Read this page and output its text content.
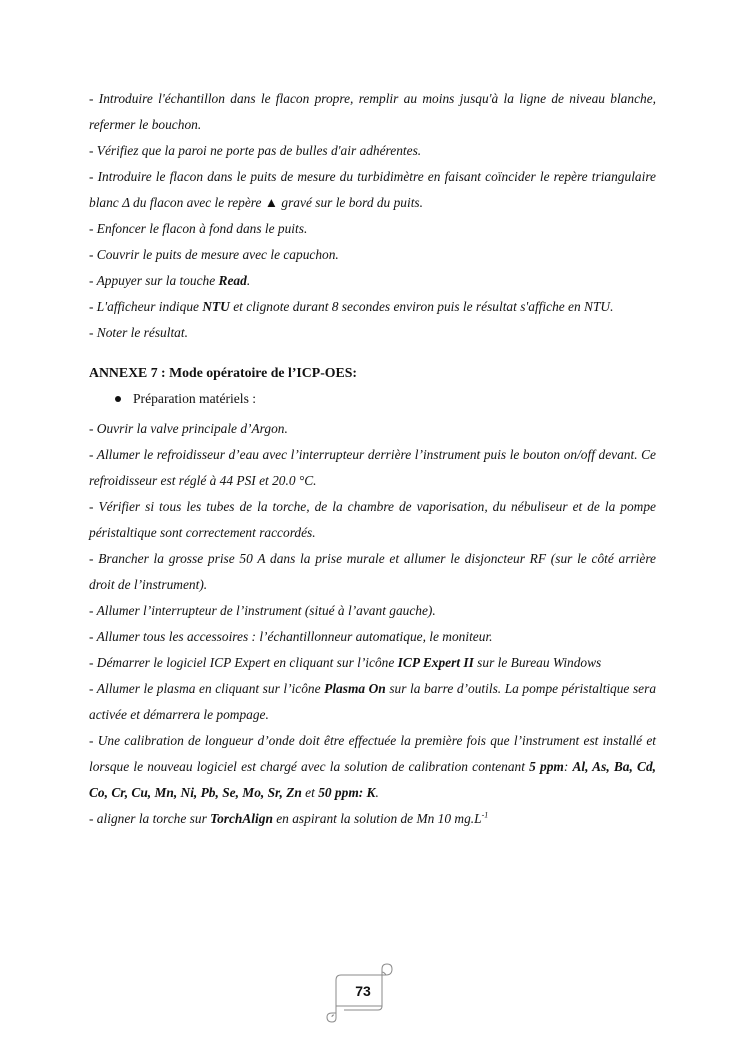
- Introduire l'échantillon dans le flacon propre, remplir au moins jusqu'à la ligne de niveau blanche, refermer le bouchon.

- Vérifiez que la paroi ne porte pas de bulles d'air adhérentes.

- Introduire le flacon dans le puits de mesure du turbidimètre en faisant coïncider le repère triangulaire blanc Δ du flacon avec le repère ▲ gravé sur le bord du puits.

- Enfoncer le flacon à fond dans le puits.

- Couvrir le puits de mesure avec le capuchon.

- Appuyer sur la touche Read.

- L'afficheur indique NTU et clignote durant 8 secondes environ puis le résultat s'affiche en NTU.

- Noter le résultat.

ANNEXE 7 : Mode opératoire de l’ICP-OES:

Préparation matériels :

- Ouvrir la valve principale d’Argon.

- Allumer le refroidisseur d’eau avec l’interrupteur derrière l’instrument puis le bouton on/off devant. Ce refroidisseur est réglé à 44 PSI et 20.0 °C.

- Vérifier si tous les tubes de la torche, de la chambre de vaporisation, du nébuliseur et de la pompe péristaltique sont correctement raccordés.

- Brancher la grosse prise 50 A dans la prise murale et allumer le disjoncteur RF (sur le côté arrière droit de l’instrument).

- Allumer l’interrupteur de l’instrument (situé à l’avant gauche).

- Allumer tous les accessoires : l’échantillonneur automatique, le moniteur.

- Démarrer le logiciel ICP Expert en cliquant sur l’icône ICP Expert II sur le Bureau Windows

- Allumer le plasma en cliquant sur l’icône Plasma On sur la barre d’outils. La pompe péristaltique sera activée et démarrera le pompage.

- Une calibration de longueur d’onde doit être effectuée la première fois que l’instrument est installé et lorsque le nouveau logiciel est chargé avec la solution de calibration contenant 5 ppm: Al, As, Ba, Cd, Co, Cr, Cu, Mn, Ni, Pb, Se, Mo, Sr, Zn et 50 ppm: K.

- aligner la torche sur TorchAlign en aspirant la solution de Mn 10 $mg.L^{-1}$

73
